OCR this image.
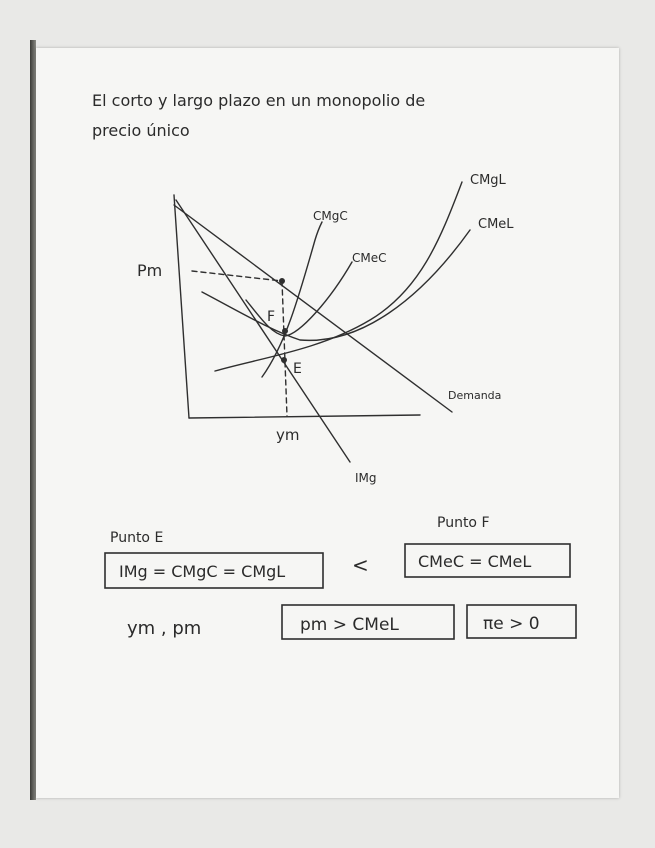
El corto y largo plazo en un monopolio de
precio único
CMgL
CMeL
CMgC
CMeC
Demanda
IMg
Pm
ym
F
E
Punto E
Punto F
IMg = CMgC = CMgL	<	CMeC = CMeL
ym , pm	pm > CMeL	πe > 0
